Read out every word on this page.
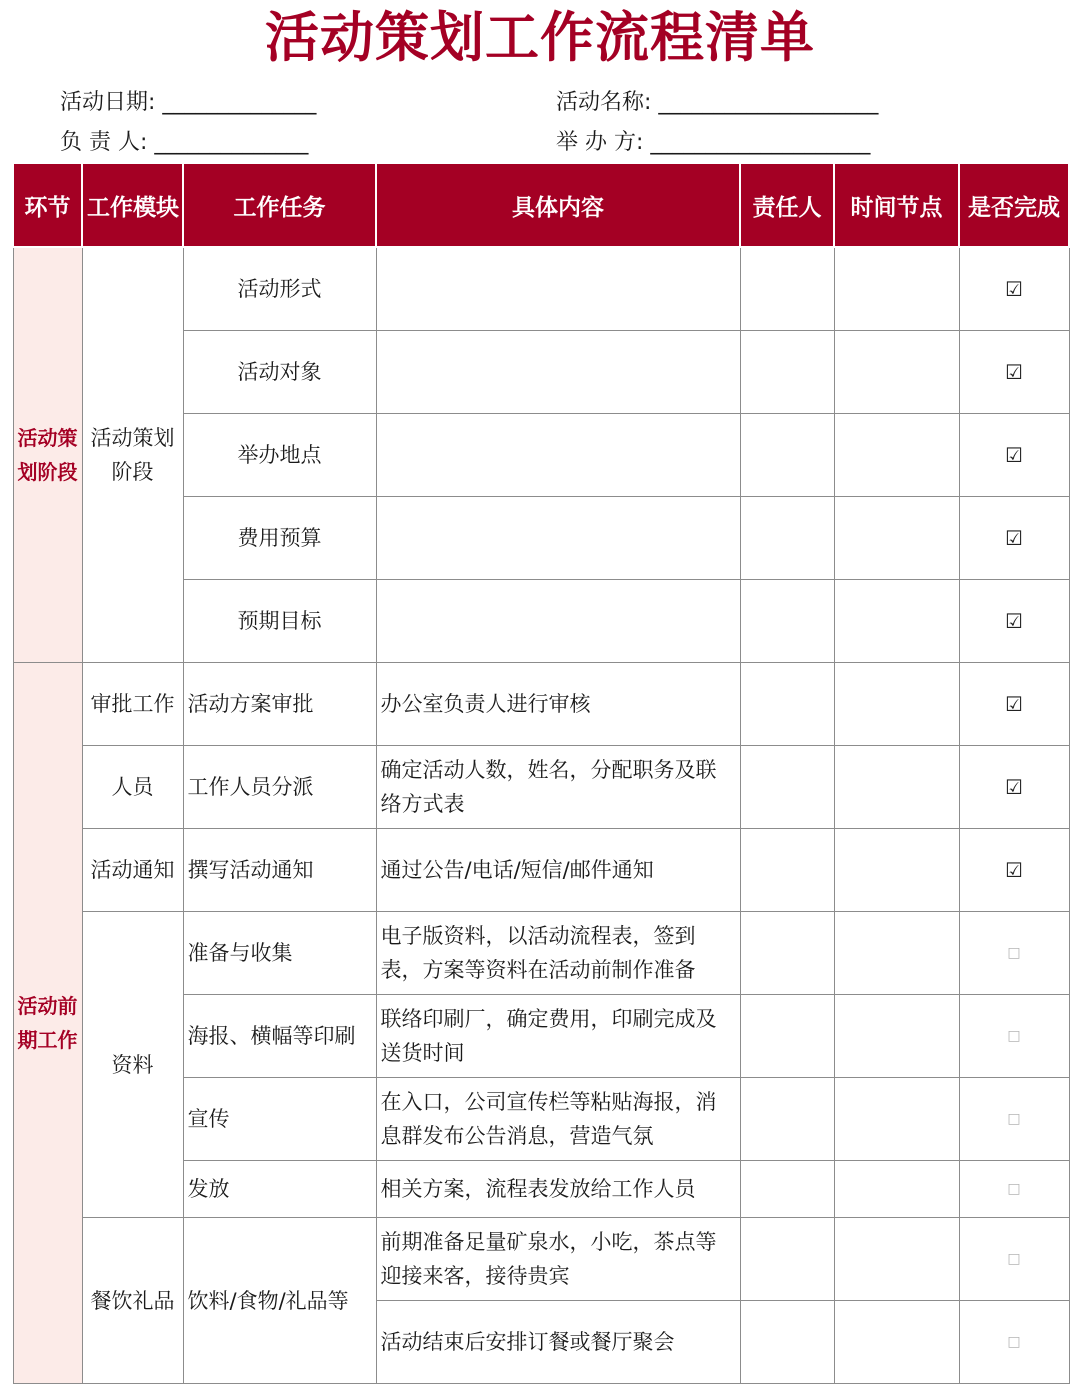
活动策划工作流程清单
活动日期: ______________	活动名称: ____________________
负 责 人: ______________	举 办 方: ____________________
环节	工作模块	工作任务	具体内容	责任人	时间节点	是否完成
活动策划阶段	活动策划阶段	活动形式				☑
		活动对象				☑
		举办地点				☑
		费用预算				☑
		预期目标				☑
活动前期工作	审批工作	活动方案审批	办公室负责人进行审核			☑
	人员	工作人员分派	确定活动人数，姓名，分配职务及联络方式表			☑
	活动通知	撰写活动通知	通过公告/电话/短信/邮件通知			☑
	资料	准备与收集	电子版资料，以活动流程表，签到表，方案等资料在活动前制作准备			□
		海报、横幅等印刷	联络印刷厂，确定费用，印刷完成及送货时间			□
		宣传	在入口，公司宣传栏等粘贴海报，消息群发布公告消息，营造气氛			□
		发放	相关方案，流程表发放给工作人员			□
	餐饮礼品	饮料/食物/礼品等	前期准备足量矿泉水，小吃，茶点等迎接来客，接待贵宾			□
			活动结束后安排订餐或餐厅聚会			□
